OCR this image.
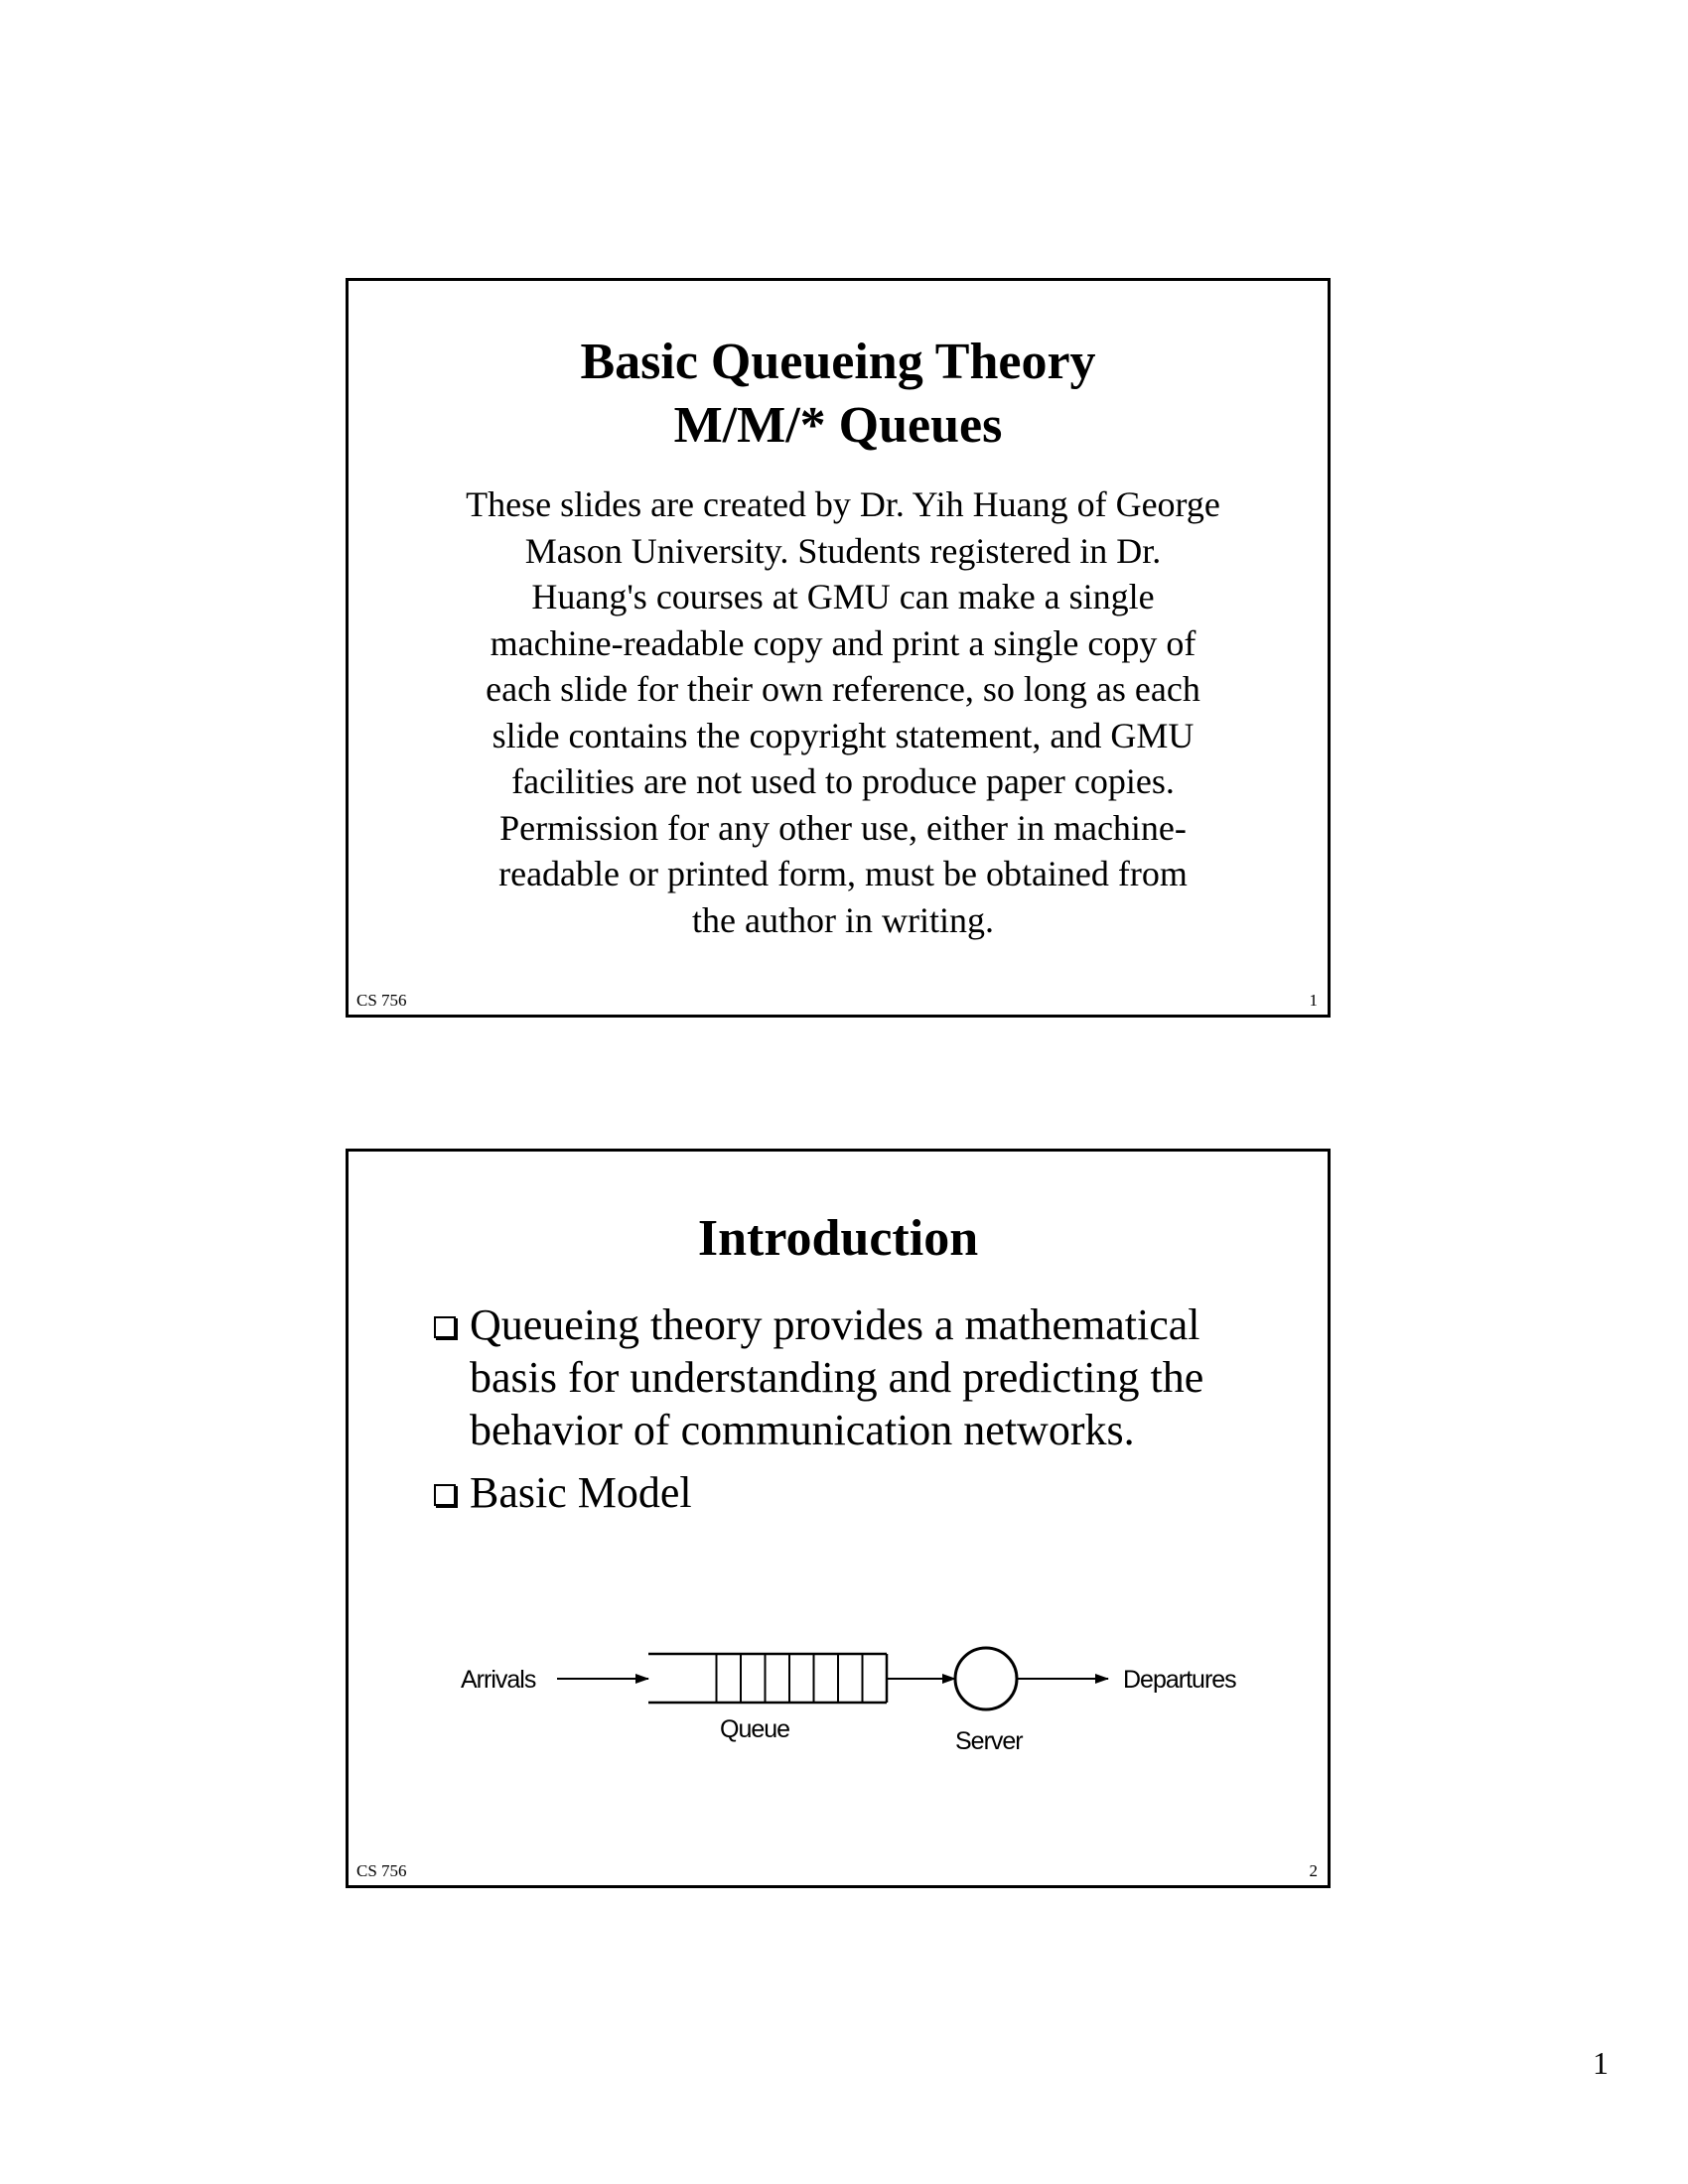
Basic Queueing Theory
M/M/* Queues
These slides are created by Dr. Yih Huang of George
Mason University. Students registered in Dr.
Huang's courses at GMU can make a single
machine-readable copy and print a single copy of
each slide for their own reference, so long as each
slide contains the copyright statement, and GMU
facilities are not used to produce paper copies.
Permission for any other use, either in machine-
readable or printed form, must be obtained from
the author in writing.
CS 756	1
Introduction
Queueing theory provides a mathematical
basis for understanding and predicting the
behavior of communication networks.
Basic Model
Arrivals
Queue	Server
Departures
CS 756	2
1
